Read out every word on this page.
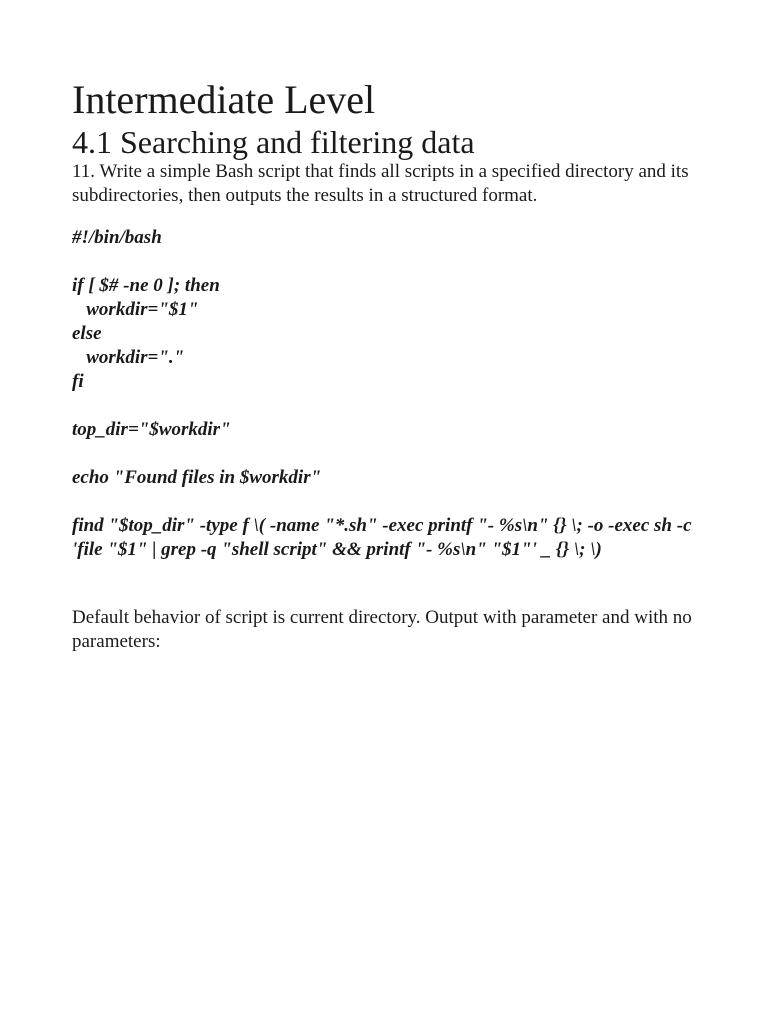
Intermediate Level
4.1 Searching and filtering data

11. Write a simple Bash script that finds all scripts in a specified directory and its subdirectories, then outputs the results in a structured format.

#!/bin/bash
if [ $# -ne 0 ]; then
workdir="$1"
else
workdir="."
fi
top_dir="$workdir"
echo "Found files in $workdir"
find "$top_dir" -type f \( -name "*.sh" -exec printf "- %s\n" {} \; -o -exec sh -c 'file "$1" | grep -q "shell script" && printf "- %s\n" "$1"' _ {} \; \)

Default behavior of script is current directory. Output with parameter and with no parameters:
